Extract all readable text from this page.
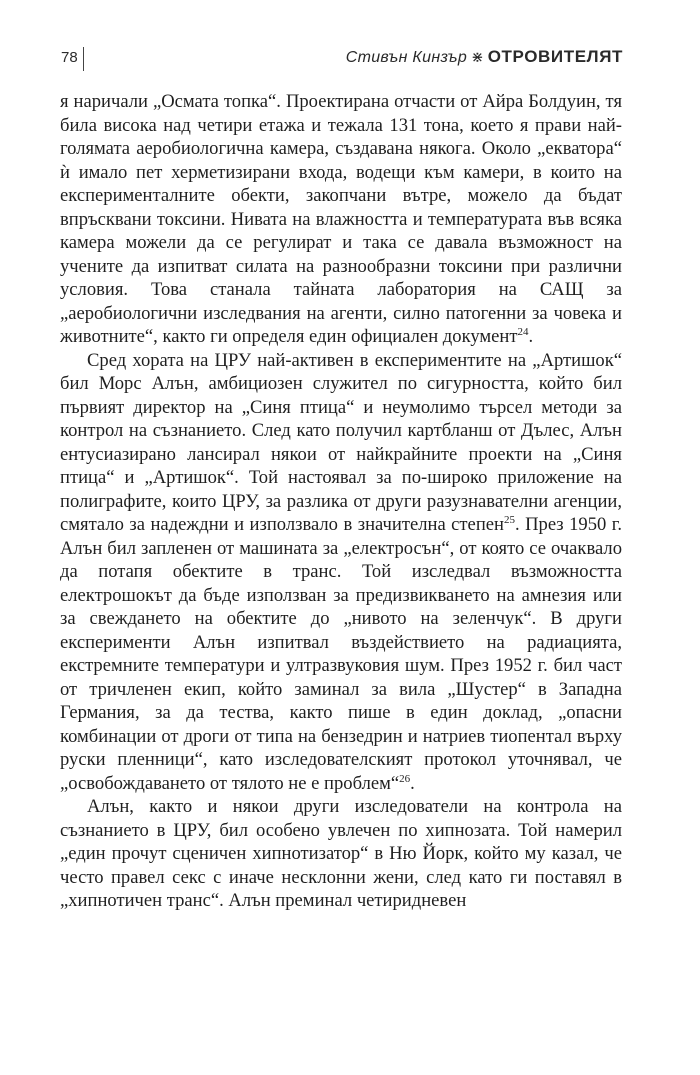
78	Стивън Кинзър ⋇ ОТРОВИТЕЛЯТ

я наричали „Осмата топка“. Проектирана отчасти от Айра Болдуин, тя била висока над четири етажа и тежала 131 тона, което я прави най-голямата аеробиологична камера, създавана някога. Около „екватора“ ѝ имало пет херметизирани входа, водещи към камери, в които на експерименталните обекти, закопчани вътре, можело да бъдат впръсквани токсини. Нивата на влажността и температурата във всяка камера можели да се регулират и така се давала възможност на учените да изпитват силата на разнообразни токсини при различни условия. Това станала тайната лаборатория на САЩ за „аеробиологични изследвания на агенти, силно патогенни за човека и животните“, както ги определя един официален документ$^{24}$.

Сред хората на ЦРУ най-активен в експериментите на „Артишок“ бил Морс Алън, амбициозен служител по сигурността, който бил първият директор на „Синя птица“ и неумолимо търсел методи за контрол на съзнанието. След като получил картбланш от Дълес, Алън ентусиазирано лансирал някои от найкрайните проекти на „Синя птица“ и „Артишок“. Той настоявал за по-широко приложение на полиграфите, които ЦРУ, за разлика от други разузнавателни агенции, смятало за надеждни и използвало в значителна степен$^{25}$. През 1950 г. Алън бил запленен от машината за „електросън“, от която се очаквало да потапя обектите в транс. Той изследвал възможността електрошокът да бъде използван за предизвикването на амнезия или за свеждането на обектите до „нивото на зеленчук“. В други експерименти Алън изпитвал въздействието на радиацията, екстремните температури и ултразвуковия шум. През 1952 г. бил част от тричленен екип, който заминал за вила „Шустер“ в Западна Германия, за да тества, както пише в един доклад, „опасни комбинации от дроги от типа на бензедрин и натриев тиопентал върху руски пленници“, като изследователският протокол уточнявал, че „освобождаването от тялото не е проблем“$^{26}$.

Алън, както и някои други изследователи на контрола на съзнанието в ЦРУ, бил особено увлечен по хипнозата. Той намерил „един прочут сценичен хипнотизатор“ в Ню Йорк, който му казал, че често правел секс с иначе несклонни жени, след като ги поставял в „хипнотичен транс“. Алън преминал четиридневен
